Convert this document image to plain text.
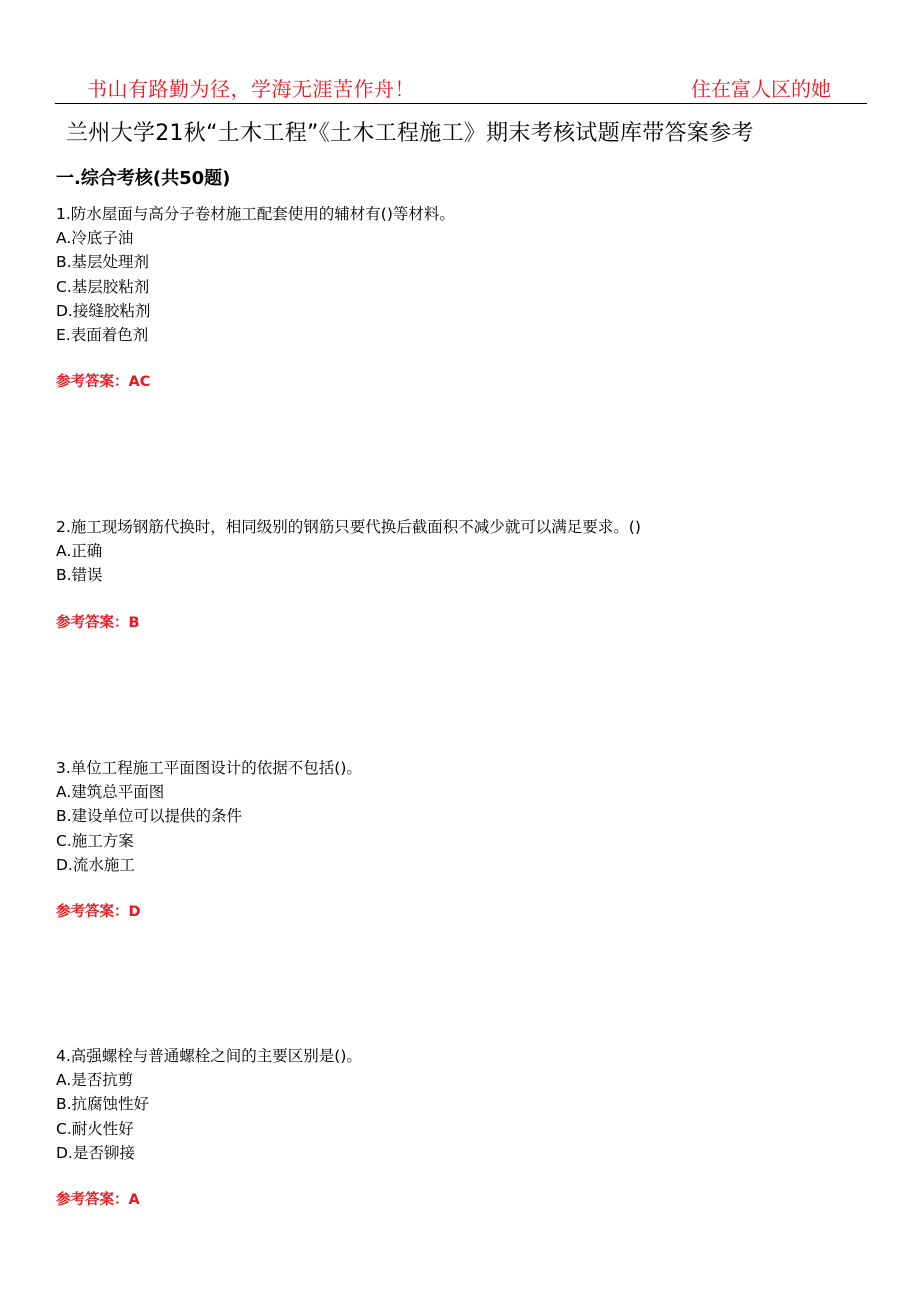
书山有路勤为径，学海无涯苦作舟！	住在富人区的她
兰州大学21秋“土木工程”《土木工程施工》期末考核试题库带答案参考
一.综合考核(共50题)
1.防水屋面与高分子卷材施工配套使用的辅材有()等材料。
A.冷底子油
B.基层处理剂
C.基层胶粘剂
D.接缝胶粘剂
E.表面着色剂
参考答案：AC
2.施工现场钢筋代换时，相同级别的钢筋只要代换后截面积不减少就可以满足要求。()
A.正确
B.错误
参考答案：B
3.单位工程施工平面图设计的依据不包括()。
A.建筑总平面图
B.建设单位可以提供的条件
C.施工方案
D.流水施工
参考答案：D
4.高强螺栓与普通螺栓之间的主要区别是()。
A.是否抗剪
B.抗腐蚀性好
C.耐火性好
D.是否铆接
参考答案：A
